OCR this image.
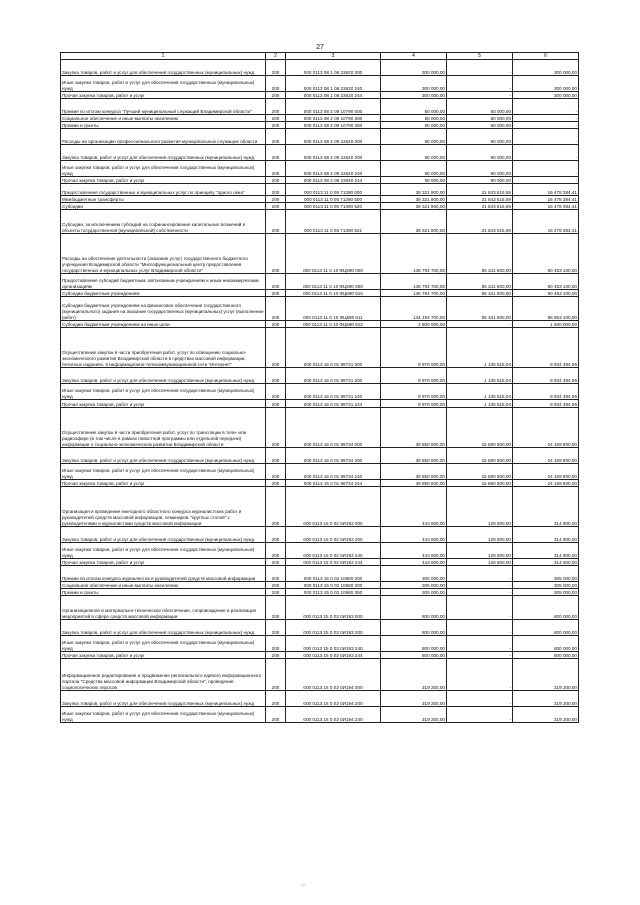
27
1	2	3	4	5	6
Закупка товаров, работ и услуг для обеспечения государственных (муниципальных) нужд	200	000 0113 08 1 08 23620 200	300 000,00	-	300 000,00
Иные закупки товаров, работ и услуг для обеспечения государственных (муниципальных) нужд	200	000 0113 08 1 08 23620 240	300 000,00	-	300 000,00
Прочая закупка товаров, работ и услуг	200	000 0113 08 1 08 23620 244	300 000,00	-	300 000,00
Премия по итогам конкурса "Лучший муниципальный служащий Владимирской области"	200	000 0113 08 2 09 10790 000	60 000,00	60 000,00	-
Социальное обеспечение и иные выплаты населению	200	000 0113 08 2 09 10790 300	60 000,00	60 000,00	-
Премии и гранты	200	000 0113 08 2 09 10790 350	60 000,00	60 000,00	-
Расходы на организацию профессионального развития муниципальных служащих области	200	000 0113 08 2 09 23640 000	90 000,00	90 000,00	-
Закупка товаров, работ и услуг для обеспечения государственных (муниципальных) нужд	200	000 0113 08 2 09 23640 200	90 000,00	90 000,00	-
Иные закупки товаров, работ и услуг для обеспечения государственных (муниципальных) нужд	200	000 0113 08 2 09 23640 240	90 000,00	90 000,00	-
Прочая закупка товаров, работ и услуг	200	000 0113 08 2 09 23640 244	90 000,00	90 000,00	-
Предоставление государственных и муниципальных услуг по принципу "одного окна"	200	000 0113 11 0 05 71390 000	38 321 900,00	21 843 515,59	16 478 384,41
Межбюджетные трансферты	200	000 0113 11 0 05 71390 500	38 321 900,00	21 843 515,59	16 478 384,41
Субсидии	200	000 0113 11 0 05 71390 520	38 321 900,00	21 843 515,59	16 478 384,41
Субсидии, за исключением субсидий на софинансирование капитальных вложений в объекты государственной (муниципальной) собственности	200	000 0113 11 0 05 71390 521	38 321 900,00	21 843 515,59	16 478 384,41
Расходы на обеспечение деятельности (оказание услуг) государственного бюджетного учреждения Владимирской области "Многофункциональный центр предоставления государственных и муниципальных услуг Владимирской области"	200	000 0113 11 0 10 ФЦ590 000	145 794 700,00	55 341 600,00	90 453 100,00
Предоставление субсидий бюджетным, автономным учреждениям и иным некоммерческим организациям	200	000 0113 11 0 10 ФЦ590 600	145 794 700,00	55 341 600,00	90 453 100,00
Субсидии бюджетным учреждениям	200	000 0113 11 0 10 ФЦ590 610	145 794 700,00	55 341 600,00	90 453 100,00
Субсидии бюджетным учреждениям на финансовое обеспечение государственного (муниципального) задания на оказание государственных (муниципальных) услуг (выполнение работ)	200	000 0113 11 0 10 ФЦ590 611	144 194 700,00	55 341 600,00	88 853 100,00
Субсидии бюджетным учреждениям на иные цели	200	000 0113 11 0 10 ФЦ590 612	1 600 000,00	-	1 600 000,00
Осуществление закупок в части приобретения работ, услуг по освещению социально-экономического развития Владимирской области в средствах массовой информации, печатных изданиях, в информационно-телекоммуникационной сети "Интернет"	200	000 0113 15 0 01 98731 000	9 970 000,00	1 135 515,04	8 834 484,96
Закупка товаров, работ и услуг для обеспечения государственных (муниципальных) нужд	200	000 0113 15 0 01 98731 200	9 970 000,00	1 135 515,04	8 834 484,96
Иные закупки товаров, работ и услуг для обеспечения государственных (муниципальных) нужд	200	000 0113 15 0 01 98731 240	9 970 000,00	1 135 515,04	8 834 484,96
Прочая закупка товаров, работ и услуг	200	000 0113 15 0 01 98731 244	9 970 000,00	1 135 515,04	8 834 484,96
Осуществление закупок в части приобретения работ, услуг по трансляции в теле- или радиоэфире (в том числе в рамках новостной программы или отдельной передачи) информации о социально-экономическом развитии Владимирской области	200	000 0113 15 0 01 98734 000	39 850 600,00	15 680 800,00	24 169 800,00
Закупка товаров, работ и услуг для обеспечения государственных (муниципальных) нужд	200	000 0113 15 0 01 98734 200	39 850 600,00	15 680 800,00	24 169 800,00
Иные закупки товаров, работ и услуг для обеспечения государственных (муниципальных) нужд	200	000 0113 15 0 01 98734 240	39 850 600,00	15 680 800,00	24 169 800,00
Прочая закупка товаров, работ и услуг	200	000 0113 15 0 01 98734 244	39 850 600,00	15 680 800,00	24 169 800,00
Организация и проведение ежегодного областного конкурса журналистских работ и руководителей средств массовой информации, семинаров, "круглых столов" с руководителями и журналистами средств массовой информации	200	000 0113 15 0 02 0И192 000	443 600,00	128 800,00	314 800,00
Закупка товаров, работ и услуг для обеспечения государственных (муниципальных) нужд	200	000 0113 15 0 02 0И192 200	443 600,00	128 800,00	314 800,00
Иные закупки товаров, работ и услуг для обеспечения государственных (муниципальных) нужд	200	000 0113 15 0 02 0И192 240	443 600,00	128 800,00	314 800,00
Прочая закупка товаров, работ и услуг	200	000 0113 15 0 02 0И192 244	443 600,00	128 800,00	314 800,00
Премии по итогам конкурса журналистов и руководителей средств массовой информации	200	000 0113 15 0 02 10680 000	305 000,00	-	305 000,00
Социальное обеспечение и иные выплаты населению	200	000 0113 15 0 02 10680 300	305 000,00	-	305 000,00
Премии и гранты	200	000 0113 15 0 02 10680 350	305 000,00	-	305 000,00
Организационное и материально-техническое обеспечение, сопровождение и реализация мероприятий в сфере средств массовой информации	200	000 0113 15 0 03 0И193 000	800 000,00	-	800 000,00
Закупка товаров, работ и услуг для обеспечения государственных (муниципальных) нужд	200	000 0113 15 0 03 0И193 200	800 000,00	-	800 000,00
Иные закупки товаров, работ и услуг для обеспечения государственных (муниципальных) нужд	200	000 0113 15 0 03 0И193 240	800 000,00	-	800 000,00
Прочая закупка товаров, работ и услуг	200	000 0113 15 0 03 0И193 244	800 000,00	-	800 000,00
Информационное редактирование и продвижение регионального единого информационного портала "Средства массовой информации Владимирской области", проведение социологических опросов	200	000 0113 15 0 03 0И194 000	319 200,00	-	319 200,00
Закупка товаров, работ и услуг для обеспечения государственных (муниципальных) нужд	200	000 0113 15 0 03 0И194 200	319 200,00	-	319 200,00
Иные закупки товаров, работ и услуг для обеспечения государственных (муниципальных) нужд	200	000 0113 15 0 03 0И194 240	319 200,00	-	319 200,00
